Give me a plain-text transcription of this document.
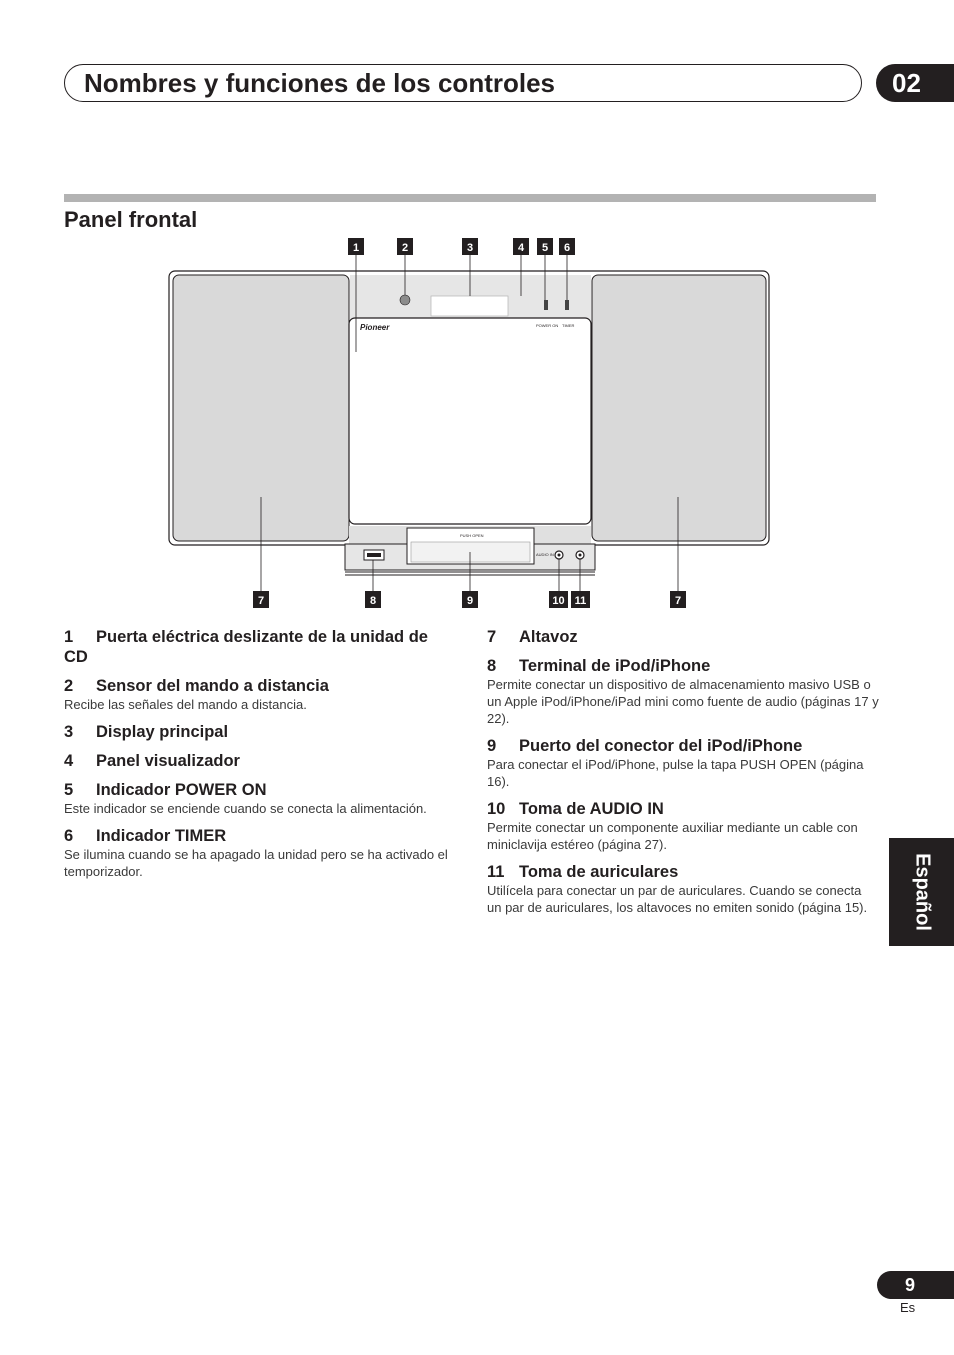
Nombres y funciones de los controles	02
Panel frontal
Pioneer	POWER ON TIMER
PUSH OPEN
AUDIO IN
1	2	3	4 5 6
7	8	9	10 11	7
1 Puerta eléctrica deslizante de la unidad de CD
2 Sensor del mando a distancia
Recibe las señales del mando a distancia.
3 Display principal
4 Panel visualizador
5 Indicador POWER ON
Este indicador se enciende cuando se conecta la alimentación.
6 Indicador TIMER
Se ilumina cuando se ha apagado la unidad pero se ha activado el temporizador.
7 Altavoz
8 Terminal de iPod/iPhone
Permite conectar un dispositivo de almacenamiento masivo USB o un Apple iPod/iPhone/iPad mini como fuente de audio (páginas 17 y 22).
9 Puerto del conector del iPod/iPhone
Para conectar el iPod/iPhone, pulse la tapa PUSH OPEN (página 16).
10 Toma de AUDIO IN
Permite conectar un componente auxiliar mediante un cable con miniclavija estéreo (página 27).
11 Toma de auriculares
Utilícela para conectar un par de auriculares. Cuando se conecta un par de auriculares, los altavoces no emiten sonido (página 15).	Español
9
Es
